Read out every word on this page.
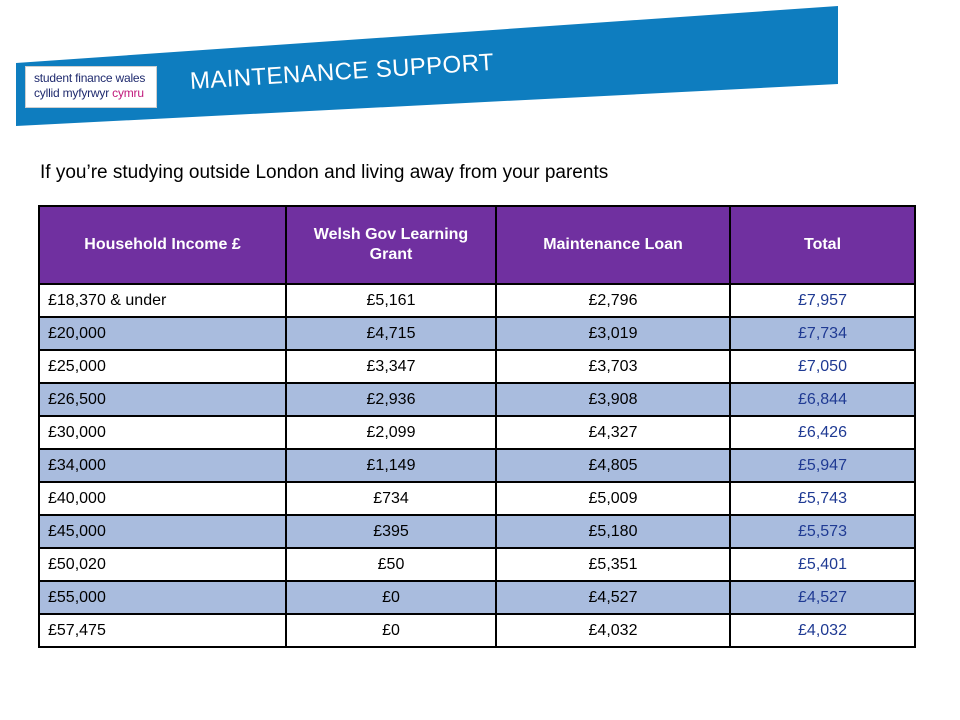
student finance wales
cyllid myfyrwyr cymru	MAINTENANCE SUPPORT
If you’re studying outside London and living away from your parents
Household Income £	Welsh Gov Learning Grant	Maintenance Loan	Total
£18,370 & under	£5,161	£2,796	£7,957
£20,000	£4,715	£3,019	£7,734
£25,000	£3,347	£3,703	£7,050
£26,500	£2,936	£3,908	£6,844
£30,000	£2,099	£4,327	£6,426
£34,000	£1,149	£4,805	£5,947
£40,000	£734	£5,009	£5,743
£45,000	£395	£5,180	£5,573
£50,020	£50	£5,351	£5,401
£55,000	£0	£4,527	£4,527
£57,475	£0	£4,032	£4,032
